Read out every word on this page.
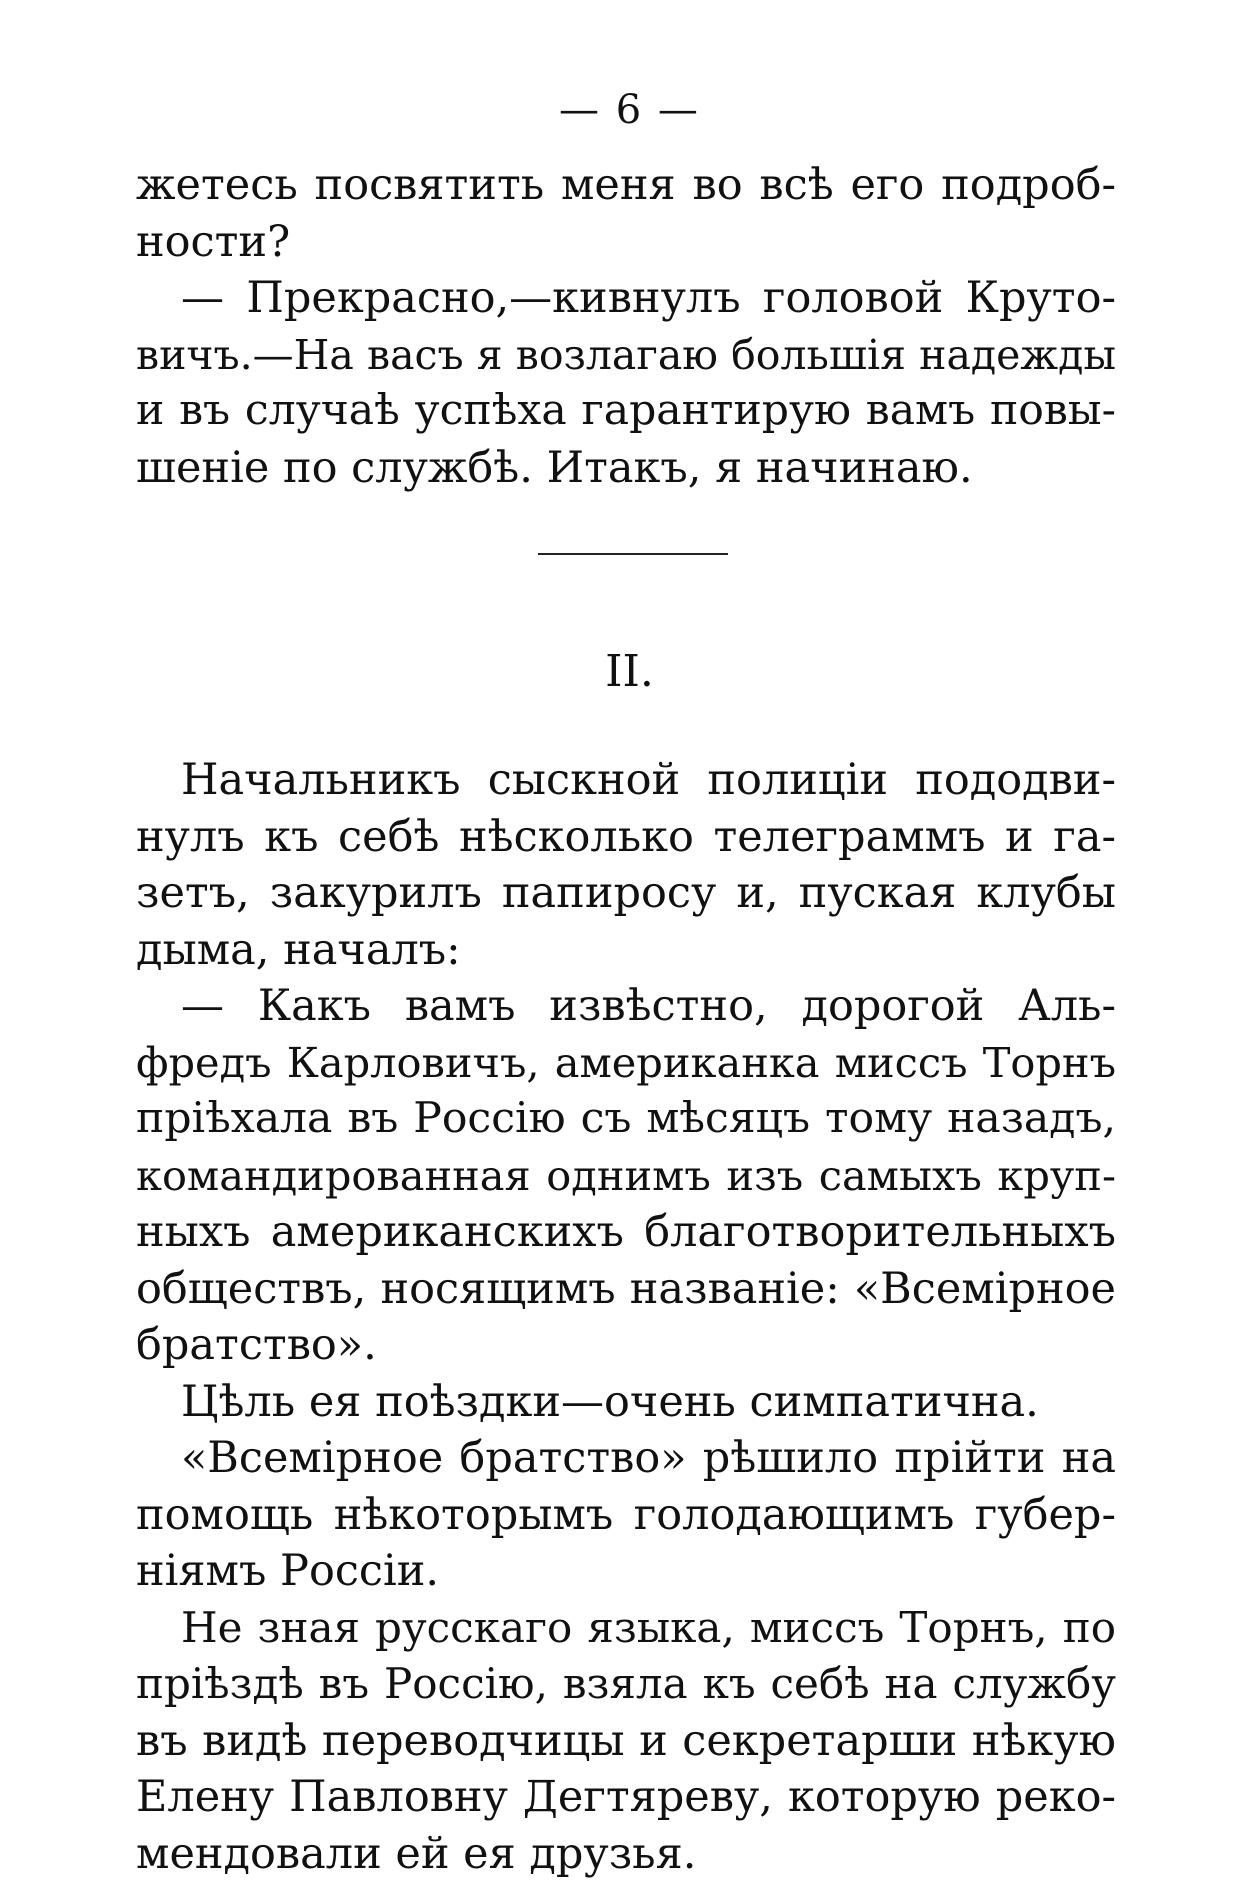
— 6 —
жетесь посвятить меня во всѣ его подроб-
ности?
— Прекрасно,—кивнулъ головой Круто-
вичъ.—На васъ я возлагаю большія надежды
и въ случаѣ успѣха гарантирую вамъ повы-
шеніе по службѣ. Итакъ, я начинаю.
II.
Начальникъ сыскной полиціи пододви-
нулъ къ себѣ нѣсколько телеграммъ и га-
зетъ, закурилъ папиросу и, пуская клубы
дыма, началъ:
— Какъ вамъ извѣстно, дорогой Аль-
фредъ Карловичъ, американка миссъ Торнъ
пріѣхала въ Россію съ мѣсяцъ тому назадъ,
командированная однимъ изъ самыхъ круп-
ныхъ американскихъ благотворительныхъ
обществъ, носящимъ названіе: «Всемірное
братство».
Цѣль ея поѣздки—очень симпатична.
«Всемірное братство» рѣшило прійти на
помощь нѣкоторымъ голодающимъ губер-
ніямъ Россіи.
Не зная русскаго языка, миссъ Торнъ, по
пріѣздѣ въ Россію, взяла къ себѣ на службу
въ видѣ переводчицы и секретарши нѣкую
Елену Павловну Дегтяреву, которую реко-
мендовали ей ея друзья.
